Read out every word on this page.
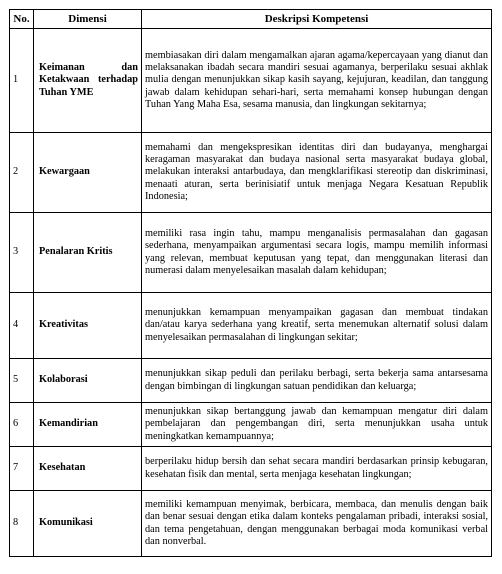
No.	Dimensi	Deskripsi Kompetensi
1	Keimanan dan Ketakwaan terhadap Tuhan YME	membiasakan diri dalam mengamalkan ajaran agama/kepercayaan yang dianut dan melaksanakan ibadah secara mandiri sesuai agamanya, berperilaku sesuai akhlak mulia dengan menunjukkan sikap kasih sayang, kejujuran, keadilan, dan tanggung jawab dalam kehidupan sehari-hari, serta memahami konsep hubungan dengan Tuhan Yang Maha Esa, sesama manusia, dan lingkungan sekitarnya;
2	Kewargaan	memahami dan mengekspresikan identitas diri dan budayanya, menghargai keragaman masyarakat dan budaya nasional serta masyarakat budaya global, melakukan interaksi antarbudaya, dan mengklarifikasi stereotip dan diskriminasi, menaati aturan, serta berinisiatif untuk menjaga Negara Kesatuan Republik Indonesia;
3	Penalaran Kritis	memiliki rasa ingin tahu, mampu menganalisis permasalahan dan gagasan sederhana, menyampaikan argumentasi secara logis, mampu memilih informasi yang relevan, membuat keputusan yang tepat, dan menggunakan literasi dan numerasi dalam menyelesaikan masalah dalam kehidupan;
4	Kreativitas	menunjukkan kemampuan menyampaikan gagasan dan membuat tindakan dan/atau karya sederhana yang kreatif, serta menemukan alternatif solusi dalam menyelesaikan permasalahan di lingkungan sekitar;
5	Kolaborasi	menunjukkan sikap peduli dan perilaku berbagi, serta bekerja sama antarsesama dengan bimbingan di lingkungan satuan pendidikan dan keluarga;
6	Kemandirian	menunjukkan sikap bertanggung jawab dan kemampuan mengatur diri dalam pembelajaran dan pengembangan diri, serta menunjukkan usaha untuk meningkatkan kemampuannya;
7	Kesehatan	berperilaku hidup bersih dan sehat secara mandiri berdasarkan prinsip kebugaran, kesehatan fisik dan mental, serta menjaga kesehatan lingkungan;
8	Komunikasi	memiliki kemampuan menyimak, berbicara, membaca, dan menulis dengan baik dan benar sesuai dengan etika dalam konteks pengalaman pribadi, interaksi sosial, dan tema pengetahuan, dengan menggunakan berbagai moda komunikasi verbal dan nonverbal.
